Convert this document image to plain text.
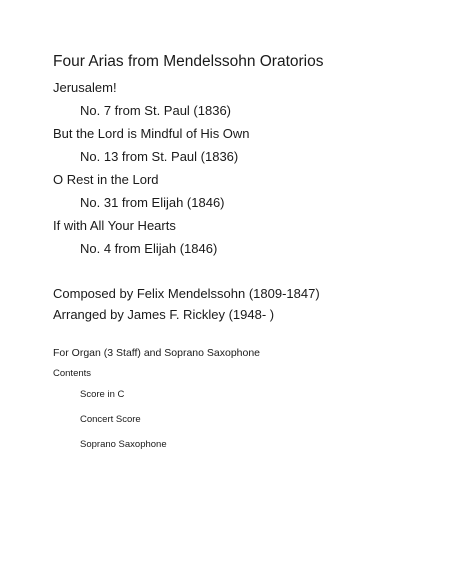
Four Arias from Mendelssohn Oratorios
Jerusalem!
No. 7 from St. Paul (1836)
But the Lord is Mindful of His Own
No. 13 from St. Paul (1836)
O Rest in the Lord
No. 31 from Elijah (1846)
If with All Your Hearts
No. 4 from Elijah (1846)
Composed by Felix Mendelssohn (1809-1847)
Arranged by James F. Rickley (1948- )
For Organ (3 Staff) and Soprano Saxophone
Contents
Score in C
Concert Score
Soprano Saxophone
